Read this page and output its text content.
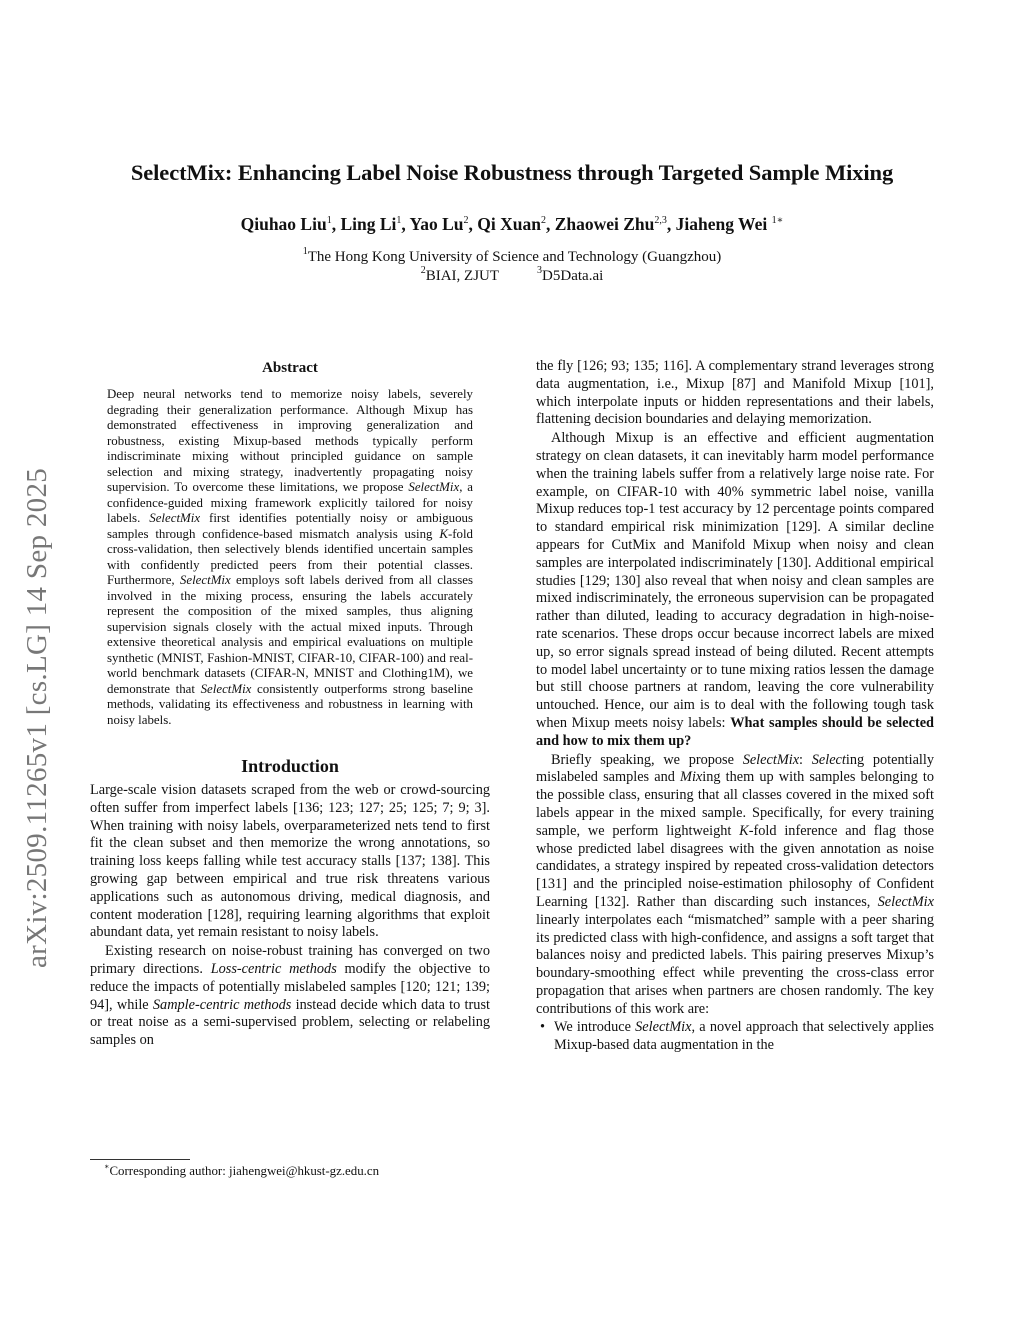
SelectMix: Enhancing Label Noise Robustness through Targeted Sample Mixing
Qiuhao Liu$^1$, Ling Li$^1$, Yao Lu$^2$, Qi Xuan$^2$, Zhaowei Zhu$^{2,3}$, Jiaheng Wei $^{1∗}$
$^1$The Hong Kong University of Science and Technology (Guangzhou)
$^2$BIAI, ZJUT	$^3$D5Data.ai
arXiv:2509.11265v1 [cs.LG] 14 Sep 2025
Abstract
Deep neural networks tend to memorize noisy labels, severely degrading their generalization performance. Although Mixup has demonstrated effectiveness in improving generalization and robustness, existing Mixup-based methods typically perform indiscriminate mixing without principled guidance on sample selection and mixing strategy, inadvertently propagating noisy supervision. To overcome these limitations, we propose SelectMix, a confidence-guided mixing framework explicitly tailored for noisy labels. SelectMix first identifies potentially noisy or ambiguous samples through confidence-based mismatch analysis using K-fold cross-validation, then selectively blends identified uncertain samples with confidently predicted peers from their potential classes. Furthermore, SelectMix employs soft labels derived from all classes involved in the mixing process, ensuring the labels accurately represent the composition of the mixed samples, thus aligning supervision signals closely with the actual mixed inputs. Through extensive theoretical analysis and empirical evaluations on multiple synthetic (MNIST, Fashion-MNIST, CIFAR-10, CIFAR-100) and real-world benchmark datasets (CIFAR-N, MNIST and Clothing1M), we demonstrate that SelectMix consistently outperforms strong baseline methods, validating its effectiveness and robustness in learning with noisy labels.
Introduction

Large-scale vision datasets scraped from the web or crowd-sourcing often suffer from imperfect labels [136; 123; 127; 25; 125; 7; 9; 3]. When training with noisy labels, overparameterized nets tend to first fit the clean subset and then memorize the wrong annotations, so training loss keeps falling while test accuracy stalls [137; 138]. This growing gap between empirical and true risk threatens various applications such as autonomous driving, medical diagnosis, and content moderation [128], requiring learning algorithms that exploit abundant data, yet remain resistant to noisy labels.

Existing research on noise-robust training has converged on two primary directions. Loss-centric methods modify the objective to reduce the impacts of potentially mislabeled samples [120; 121; 139; 94], while Sample-centric methods instead decide which data to trust or treat noise as a semi-supervised problem, selecting or relabeling samples on

∗Corresponding author: jiahengwei@hkust-gz.edu.cn

the fly [126; 93; 135; 116]. A complementary strand leverages strong data augmentation, i.e., Mixup [87] and Manifold Mixup [101], which interpolate inputs or hidden representations and their labels, flattening decision boundaries and delaying memorization.

Although Mixup is an effective and efficient augmentation strategy on clean datasets, it can inevitably harm model performance when the training labels suffer from a relatively large noise rate. For example, on CIFAR-10 with 40% symmetric label noise, vanilla Mixup reduces top-1 test accuracy by 12 percentage points compared to standard empirical risk minimization [129]. A similar decline appears for CutMix and Manifold Mixup when noisy and clean samples are interpolated indiscriminately [130]. Additional empirical studies [129; 130] also reveal that when noisy and clean samples are mixed indiscriminately, the erroneous supervision can be propagated rather than diluted, leading to accuracy degradation in high-noise-rate scenarios. These drops occur because incorrect labels are mixed up, so error signals spread instead of being diluted. Recent attempts to model label uncertainty or to tune mixing ratios lessen the damage but still choose partners at random, leaving the core vulnerability untouched. Hence, our aim is to deal with the following tough task when Mixup meets noisy labels: What samples should be selected and how to mix them up?

Briefly speaking, we propose SelectMix: Selecting potentially mislabeled samples and Mixing them up with samples belonging to the possible class, ensuring that all classes covered in the mixed soft labels appear in the mixed sample. Specifically, for every training sample, we perform lightweight K-fold inference and flag those whose predicted label disagrees with the given annotation as noise candidates, a strategy inspired by repeated cross-validation detectors [131] and the principled noise-estimation philosophy of Confident Learning [132]. Rather than discarding such instances, SelectMix linearly interpolates each “mismatched” sample with a peer sharing its predicted class with high-confidence, and assigns a soft target that balances noisy and predicted labels. This pairing preserves Mixup’s boundary-smoothing effect while preventing the cross-class error propagation that arises when partners are chosen randomly. The key contributions of this work are:

• We introduce SelectMix, a novel approach that selectively applies Mixup-based data augmentation in the
